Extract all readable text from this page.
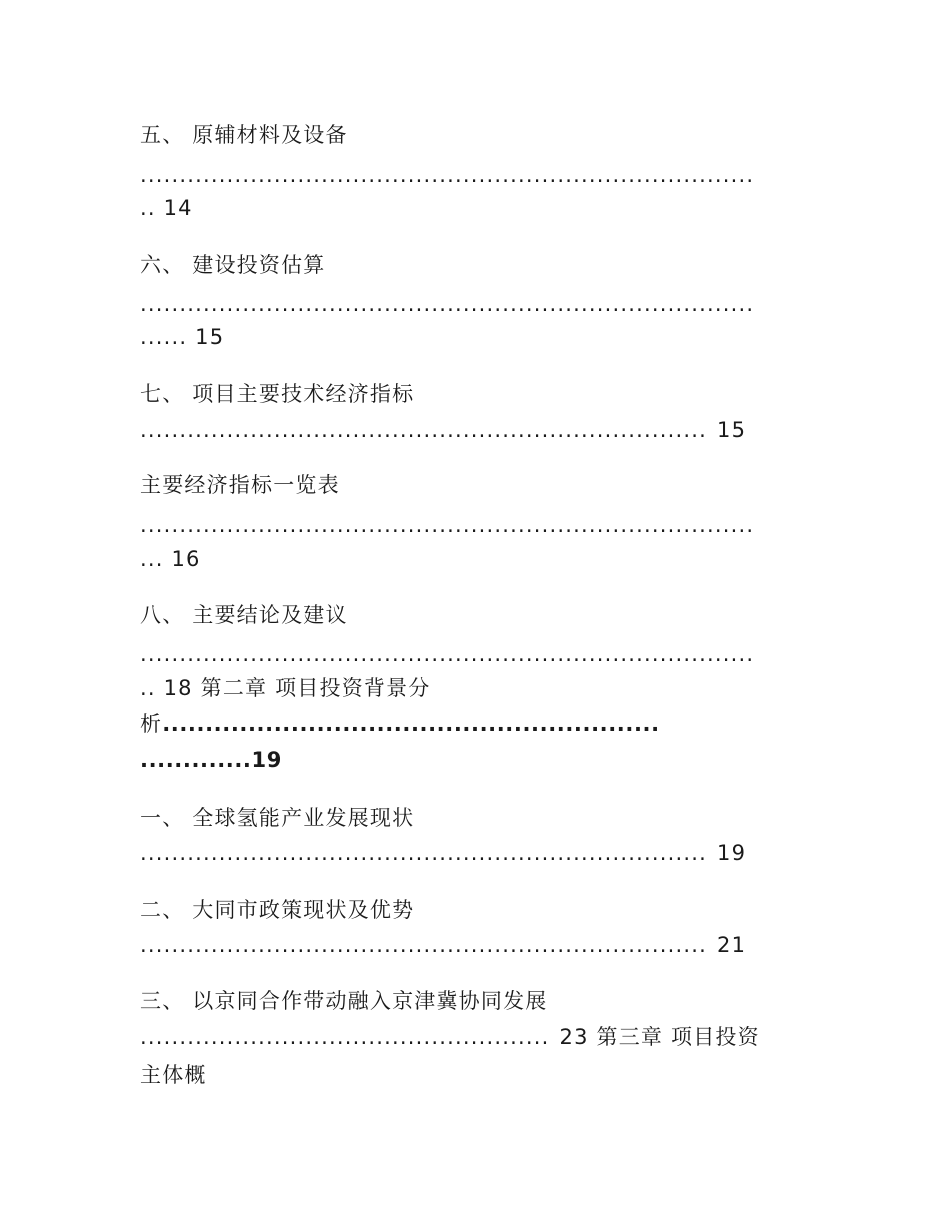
五、 原辅材料及设备
..............................................................................
.. 14
六、 建设投资估算
..............................................................................
...... 15
七、 项目主要技术经济指标
........................................................................ 15
主要经济指标一览表
..............................................................................
... 16
八、 主要结论及建议
..............................................................................
.. 18 第二章 项目投资背景分
析..........................................................
.............19
一、 全球氢能产业发展现状
........................................................................ 19
二、 大同市政策现状及优势
........................................................................ 21
三、 以京同合作带动融入京津冀协同发展
.................................................... 23 第三章 项目投资
主体概
